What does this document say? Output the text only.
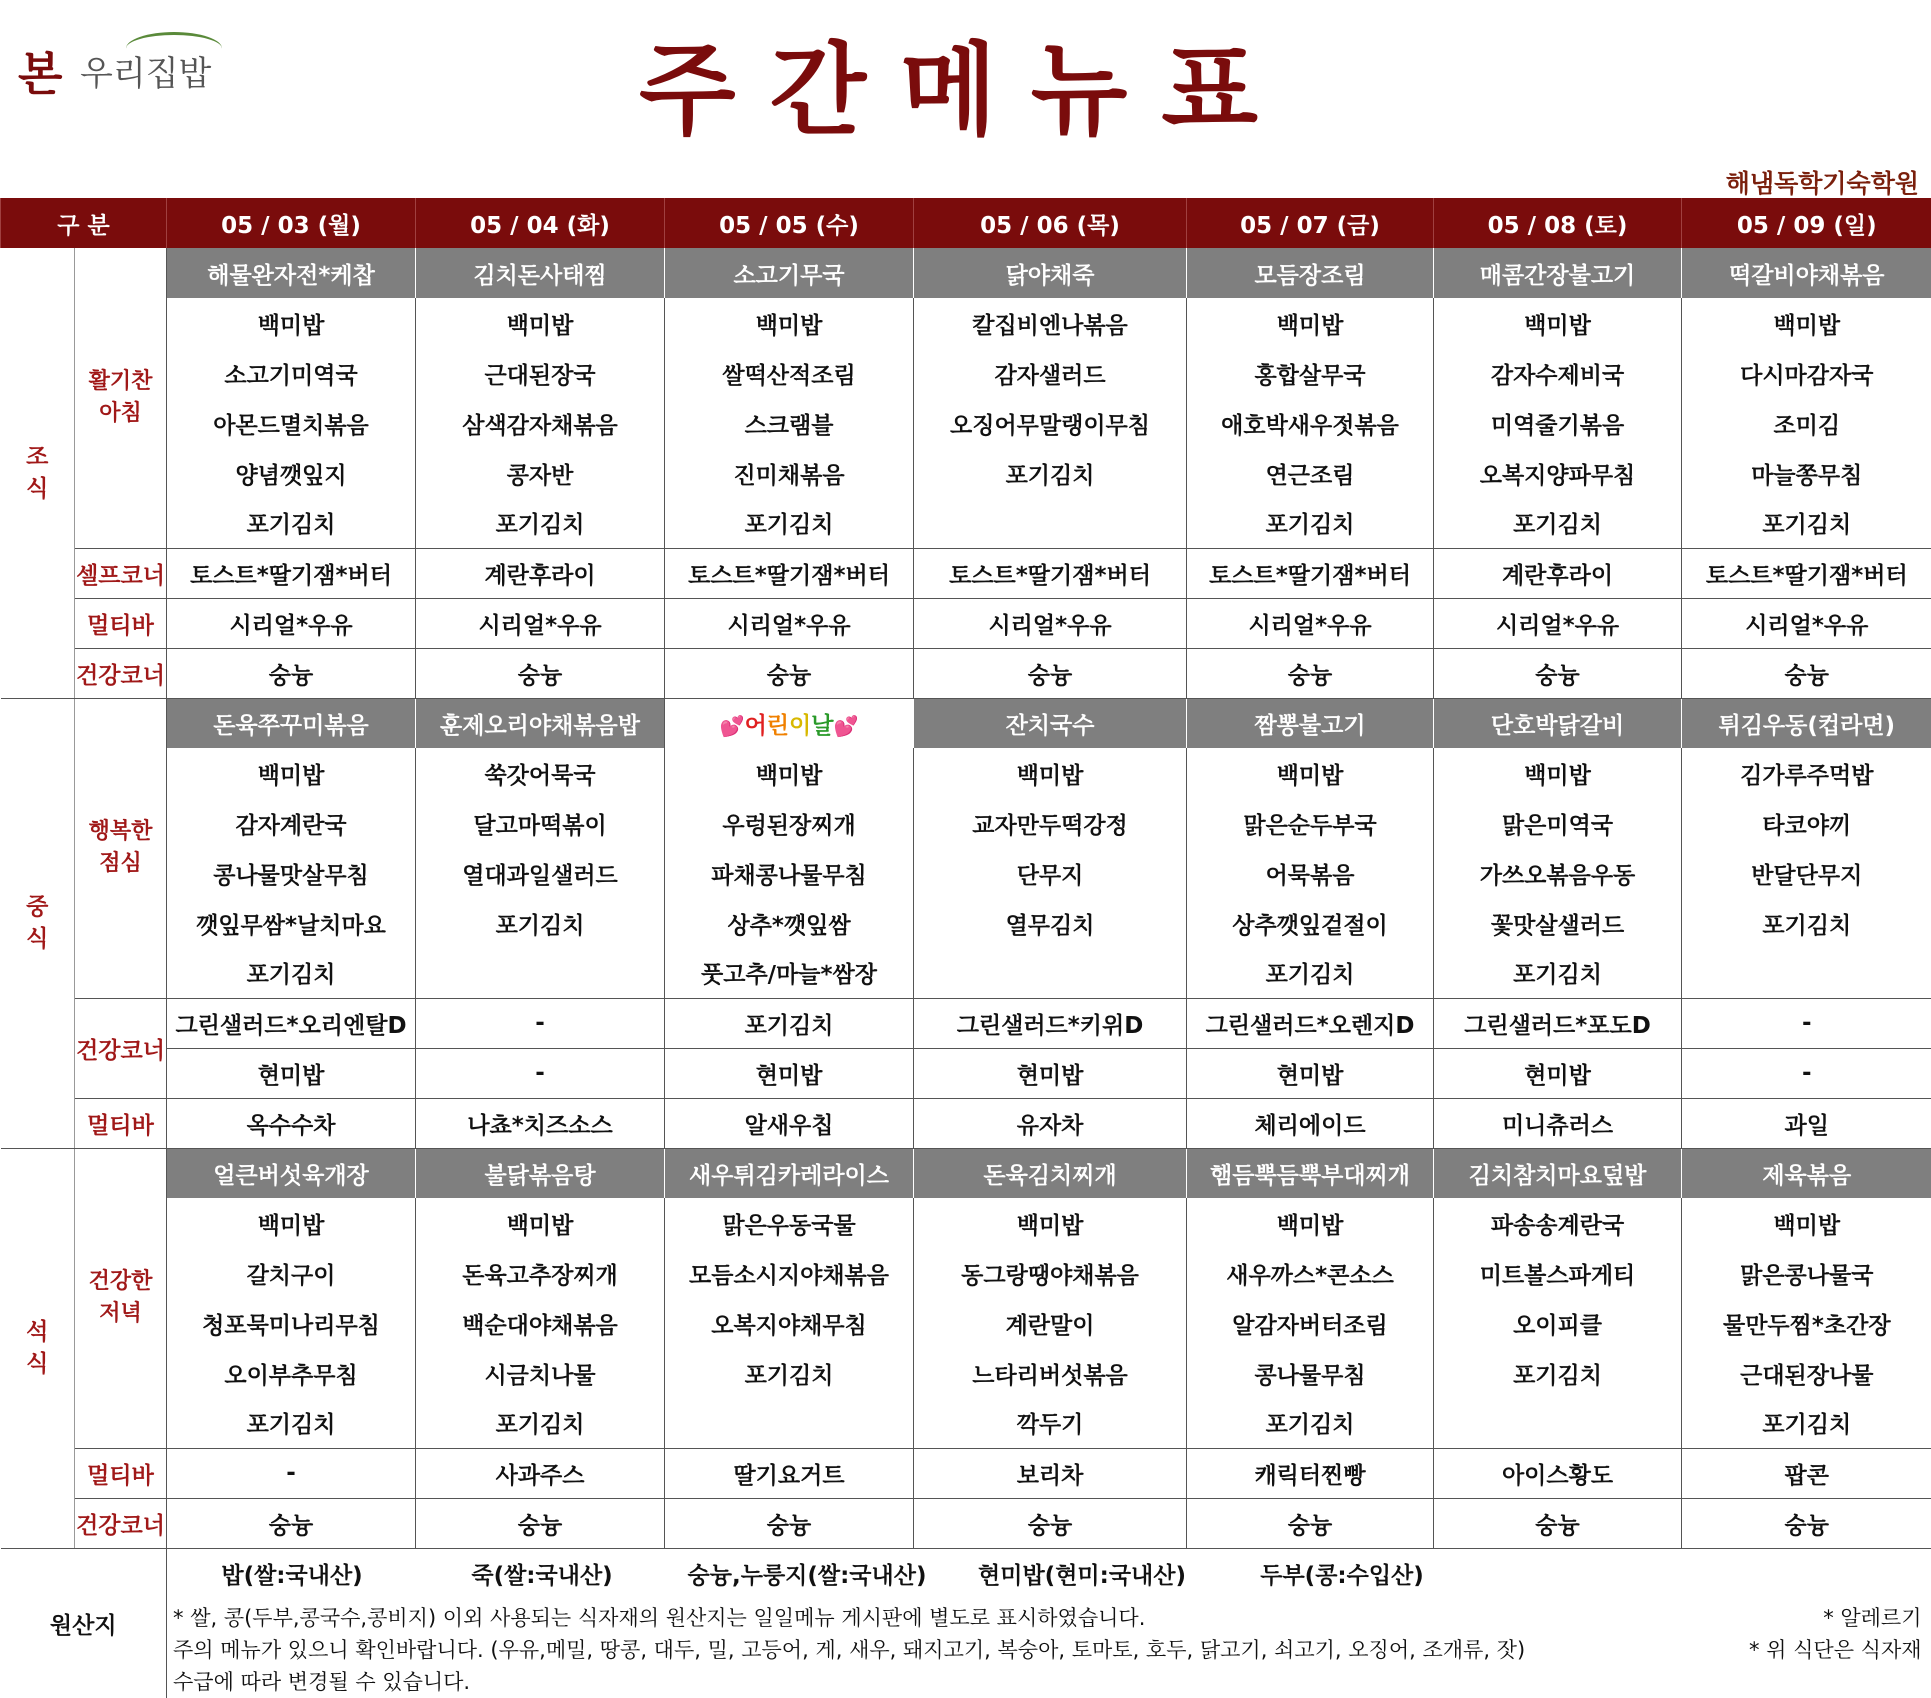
본 우리집밥	주간메뉴표
해냄독학기숙학원
구 분		05 / 03 (월)	05 / 04 (화)	05 / 05 (수)	05 / 06 (목)	05 / 07 (금)	05 / 08 (토)	05 / 09 (일)
조
식	활기찬
아침	해물완자전*케찹	김치돈사태찜	소고기무국	닭야채죽	모듬장조림	매콤간장불고기	떡갈비야채볶음
		백미밥	백미밥	백미밥	칼집비엔나볶음	백미밥	백미밥	백미밥
		소고기미역국	근대된장국	쌀떡산적조림	감자샐러드	홍합살무국	감자수제비국	다시마감자국
		아몬드멸치볶음	삼색감자채볶음	스크램블	오징어무말랭이무침	애호박새우젓볶음	미역줄기볶음	조미김
		양념깻잎지	콩자반	진미채볶음	포기김치	연근조림	오복지양파무침	마늘쫑무침
		포기김치	포기김치	포기김치		포기김치	포기김치	포기김치
	셀프코너	토스트*딸기잼*버터	계란후라이	토스트*딸기잼*버터	토스트*딸기잼*버터	토스트*딸기잼*버터	계란후라이	토스트*딸기잼*버터
	멀티바	시리얼*우유	시리얼*우유	시리얼*우유	시리얼*우유	시리얼*우유	시리얼*우유	시리얼*우유
	건강코너	숭늉	숭늉	숭늉	숭늉	숭늉	숭늉	숭늉
중
식	행복한
점심	돈육쭈꾸미볶음	훈제오리야채볶음밥	💕어린이날💕	잔치국수	짬뽕불고기	단호박닭갈비	튀김우동(컵라면)
		백미밥	쑥갓어묵국	백미밥	백미밥	백미밥	백미밥	김가루주먹밥
		감자계란국	달고마떡볶이	우렁된장찌개	교자만두떡강정	맑은순두부국	맑은미역국	타코야끼
		콩나물맛살무침	열대과일샐러드	파채콩나물무침	단무지	어묵볶음	가쓰오볶음우동	반달단무지
		깻잎무쌈*날치마요	포기김치	상추*깻잎쌈	열무김치	상추깻잎겉절이	꽃맛살샐러드	포기김치
		포기김치		풋고추/마늘*쌈장		포기김치	포기김치	
	건강코너	그린샐러드*오리엔탈D	-	포기김치	그린샐러드*키위D	그린샐러드*오렌지D	그린샐러드*포도D	-
		현미밥	-	현미밥	현미밥	현미밥	현미밥	-
	멀티바	옥수수차	나쵸*치즈소스	알새우칩	유자차	체리에이드	미니츄러스	과일
석
식	건강한
저녁	얼큰버섯육개장	불닭볶음탕	새우튀김카레라이스	돈육김치찌개	햄듬뿍듬뿍부대찌개	김치참치마요덮밥	제육볶음
		백미밥	백미밥	맑은우동국물	백미밥	백미밥	파송송계란국	백미밥
		갈치구이	돈육고추장찌개	모듬소시지야채볶음	동그랑땡야채볶음	새우까스*콘소스	미트볼스파게티	맑은콩나물국
		청포묵미나리무침	백순대야채볶음	오복지야채무침	계란말이	알감자버터조림	오이피클	물만두찜*초간장
		오이부추무침	시금치나물	포기김치	느타리버섯볶음	콩나물무침	포기김치	근대된장나물
		포기김치	포기김치		깍두기	포기김치		포기김치
	멀티바	-	사과주스	딸기요거트	보리차	캐릭터찐빵	아이스황도	팝콘
	건강코너	숭늉	숭늉	숭늉	숭늉	숭늉	숭늉	숭늉
원산지		밥(쌀:국내산) 죽(쌀:국내산) 숭늉,누룽지(쌀:국내산) 현미밥(현미:국내산) 두부(콩:수입산)						

		* 쌀, 콩(두부,콩국수,콩비지) 이외 사용되는 식자재의 원산지는 일일메뉴 게시판에 별도로 표시하였습니다.
주의 메뉴가 있으니 확인바랍니다. (우유,메밀, 땅콩, 대두, 밀, 고등어, 게, 새우, 돼지고기, 복숭아, 토마토, 호두, 닭고기, 쇠고기, 오징어, 조개류, 잣)
수급에 따라 변경될 수 있습니다.
* 알레르기
* 위 식단은 식자재						
